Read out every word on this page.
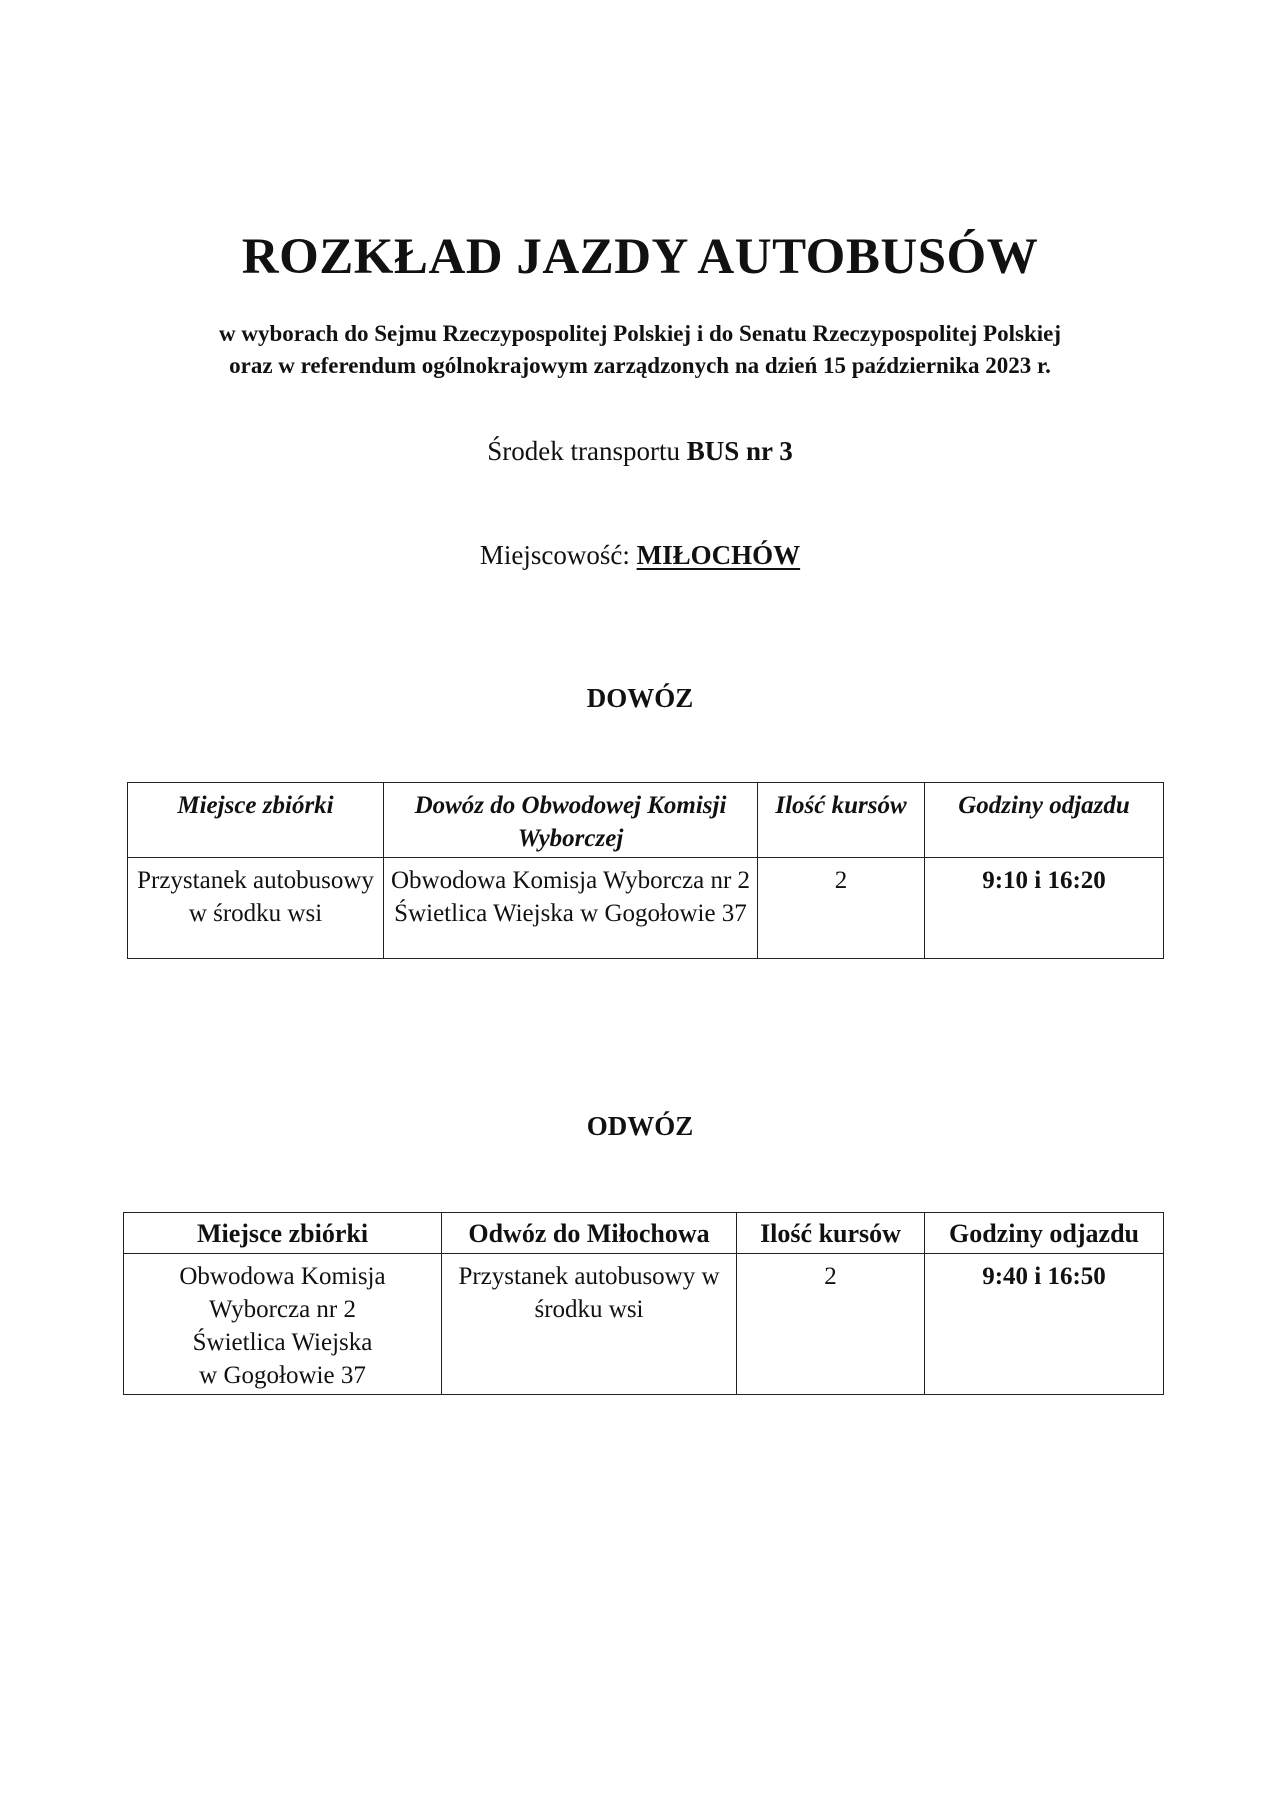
ROZKŁAD JAZDY AUTOBUSÓW
w wyborach do Sejmu Rzeczypospolitej Polskiej i do Senatu Rzeczypospolitej Polskiej
oraz w referendum ogólnokrajowym zarządzonych na dzień 15 października 2023 r.
Środek transportu BUS nr 3
Miejscowość: MIŁOCHÓW
DOWÓZ
Miejsce zbiórki	Dowóz do Obwodowej Komisji Wyborczej	Ilość kursów	Godziny odjazdu
Przystanek autobusowy w środku wsi	Obwodowa Komisja Wyborcza nr 2 Świetlica Wiejska w Gogołowie 37	2	9:10 i 16:20
ODWÓZ
Miejsce zbiórki	Odwóz do Miłochowa	Ilość kursów	Godziny odjazdu

Obwodowa Komisja
Wyborcza nr 2
Świetlica Wiejska
w Gogołowie 37	Przystanek autobusowy w środku wsi	2	9:40 i 16:50
